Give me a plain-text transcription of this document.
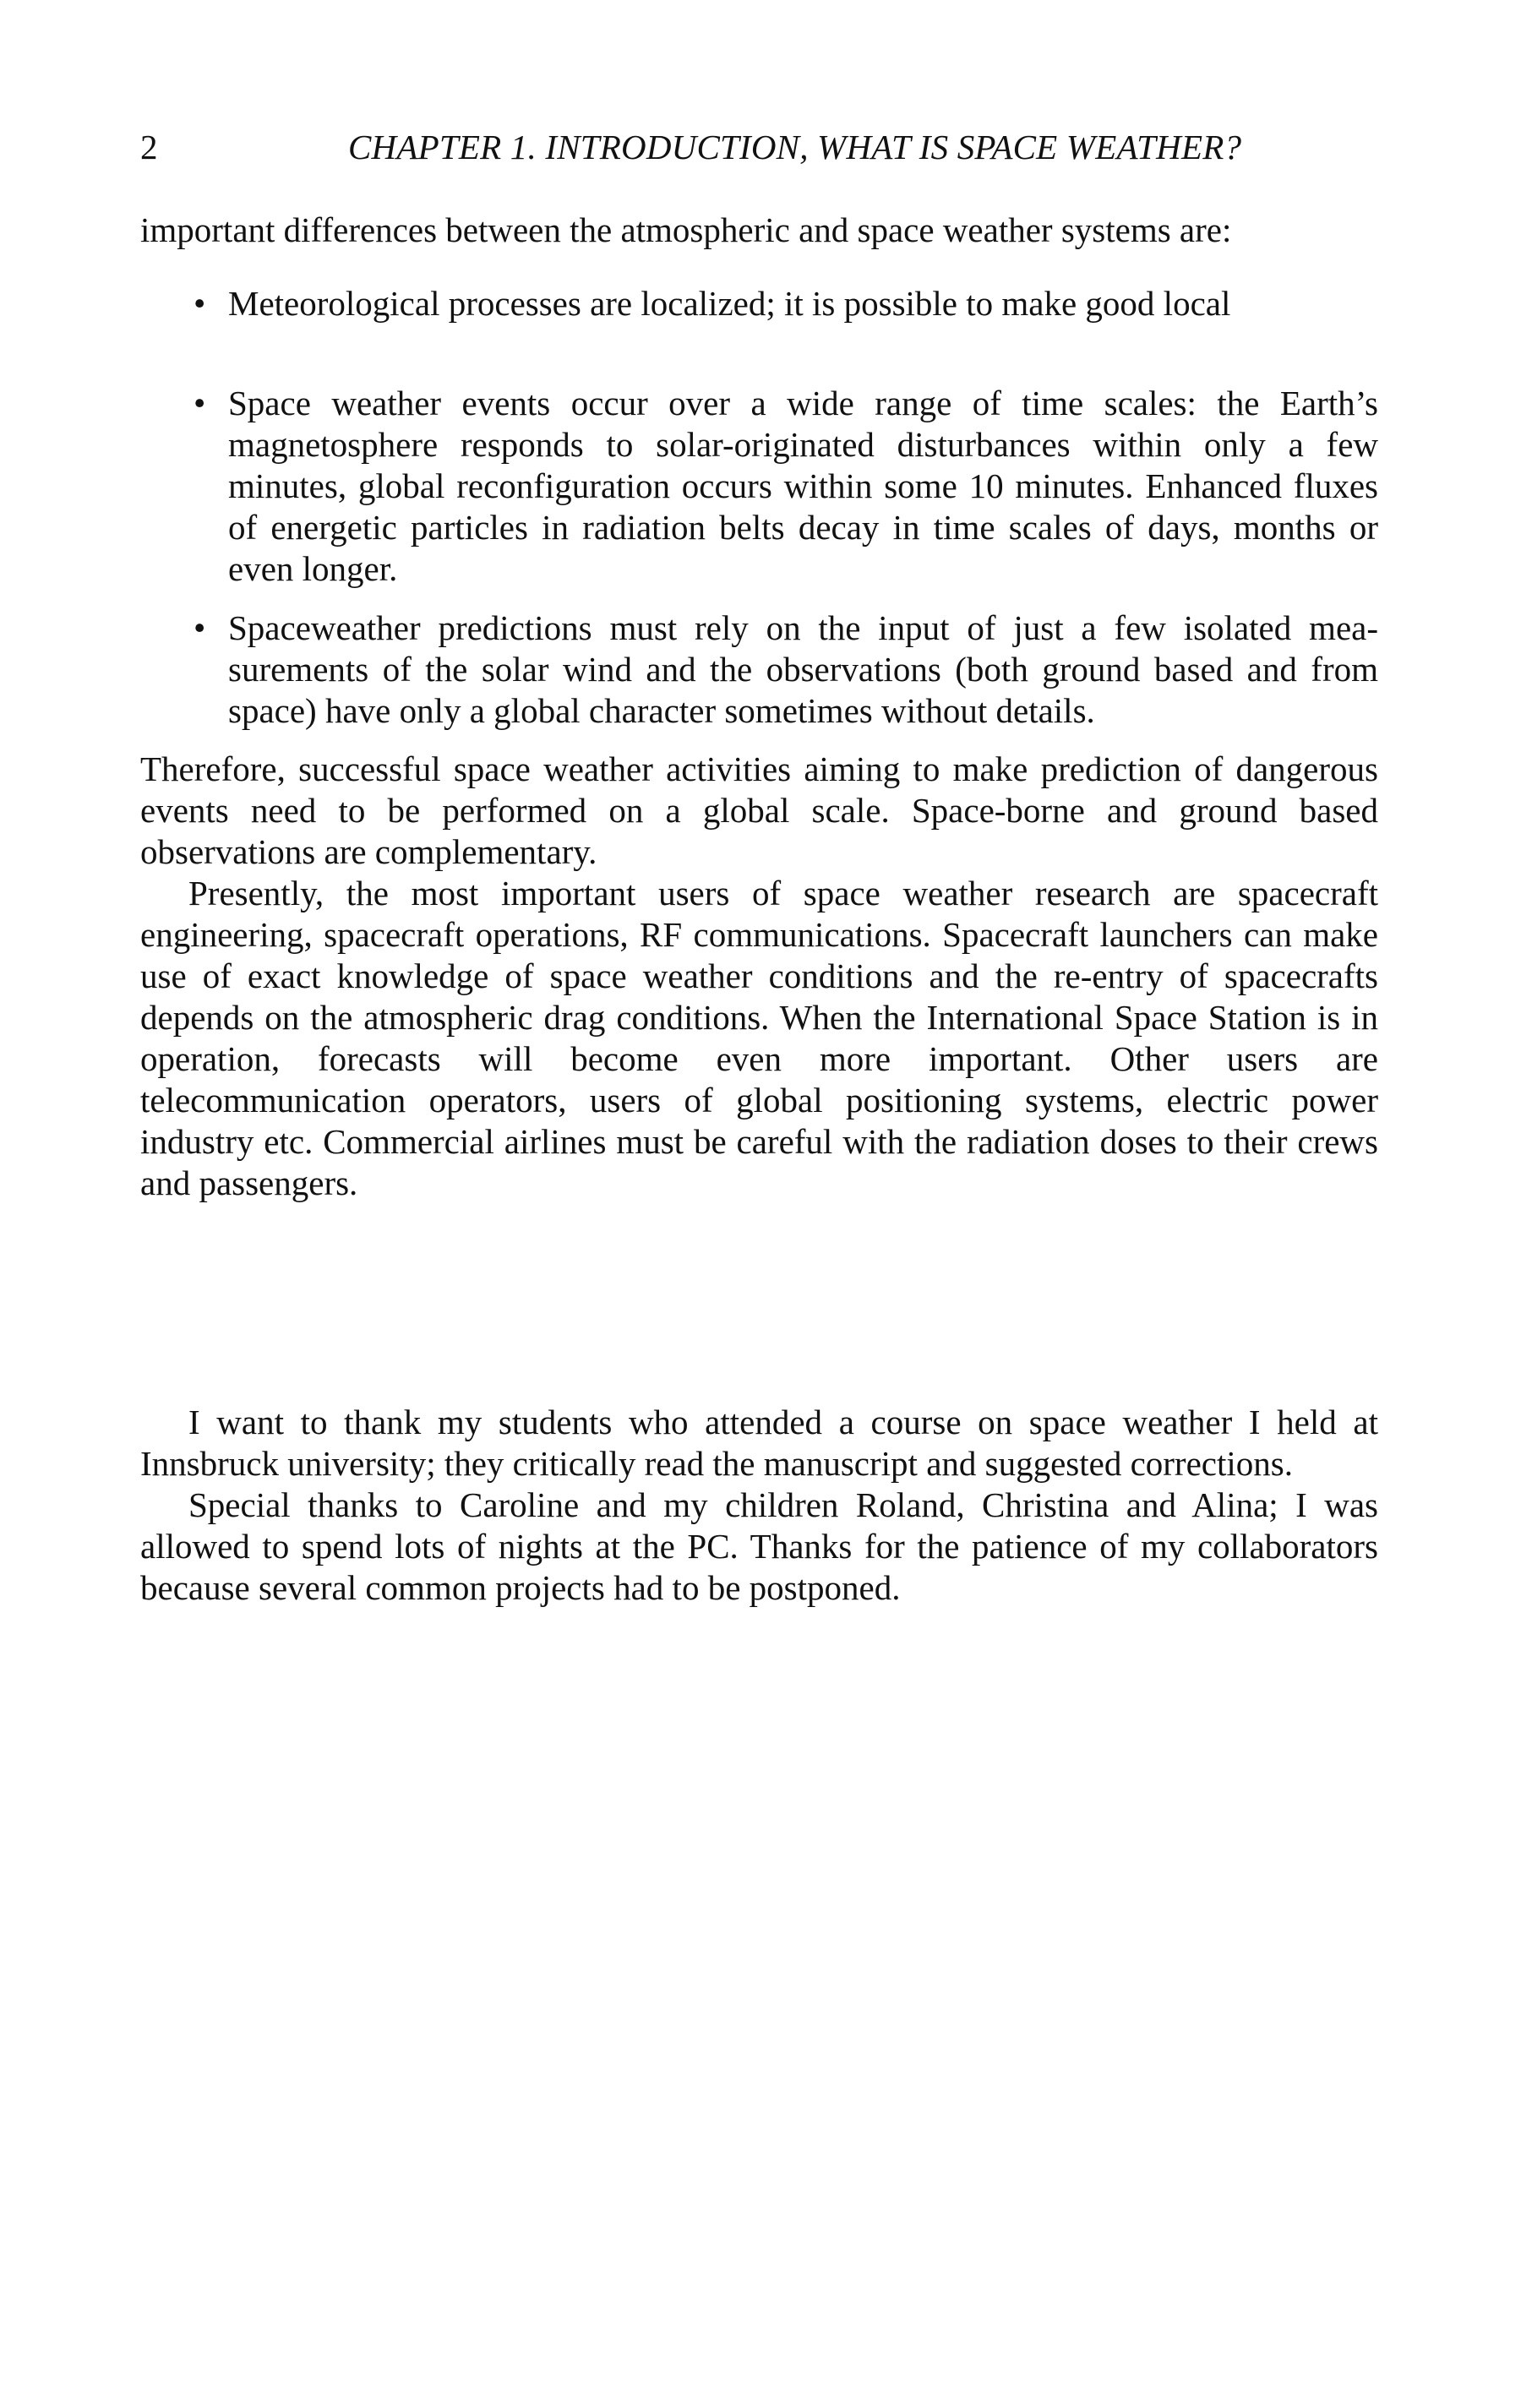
2	CHAPTER 1. INTRODUCTION, WHAT IS SPACE WEATHER?

important differences between the atmospheric and space weather systems are:

• Meteorological processes are localized; it is possible to make good local
• Space weather events occur over a wide range of time scales: the Earth’s magnetosphere responds to solar-originated disturbances within only a few minutes, global reconfiguration occurs within some 10 minutes. Enhanced fluxes of energetic particles in radiation belts decay in time scales of days, months or even longer.
• Spaceweather predictions must rely on the input of just a few isolated measurements of the solar wind and the observations (both ground based and from space) have only a global character sometimes without details.

Therefore, successful space weather activities aiming to make prediction of dangerous events need to be performed on a global scale. Space-borne and ground based observations are complementary.

Presently, the most important users of space weather research are spacecraft engineering, spacecraft operations, RF communications. Spacecraft launchers can make use of exact knowledge of space weather conditions and the re-entry of spacecrafts depends on the atmospheric drag conditions. When the International Space Station is in operation, forecasts will become even more important. Other users are telecommunication operators, users of global positioning systems, electric power industry etc. Commercial airlines must be careful with the radiation doses to their crews and passengers.

I want to thank my students who attended a course on space weather I held at Innsbruck university; they critically read the manuscript and suggested corrections.

Special thanks to Caroline and my children Roland, Christina and Alina; I was allowed to spend lots of nights at the PC. Thanks for the patience of my collaborators because several common projects had to be postponed.
